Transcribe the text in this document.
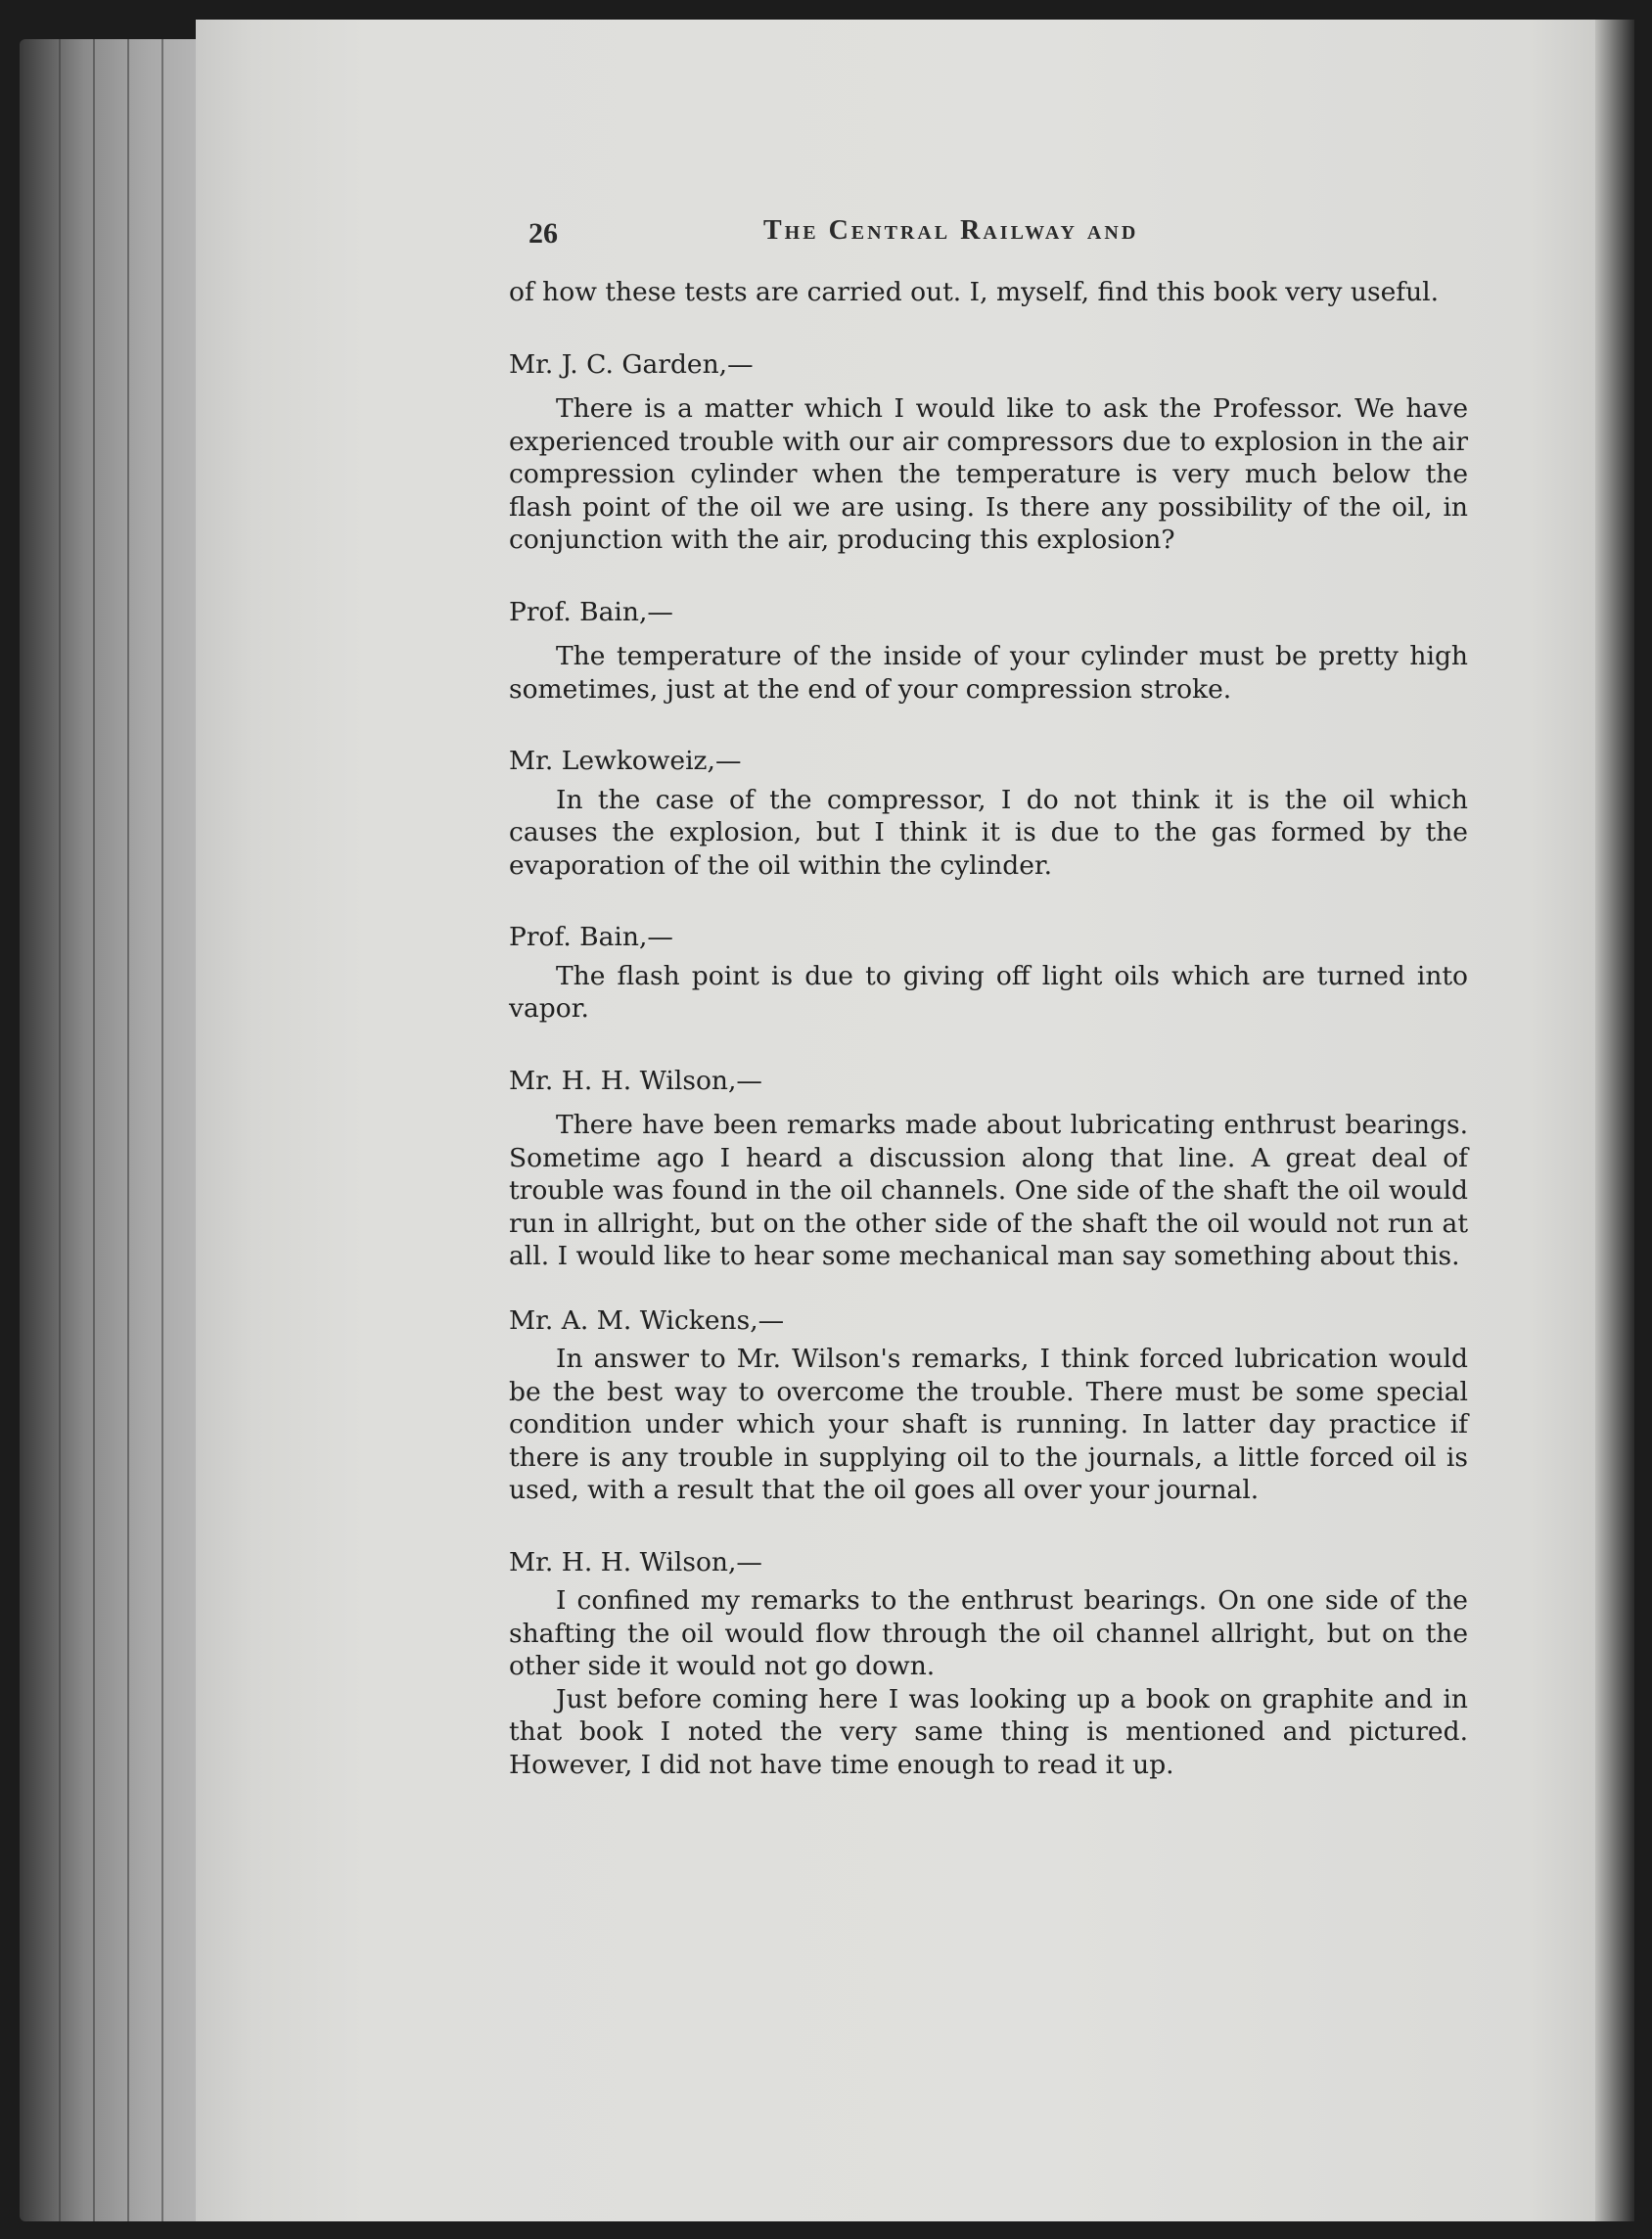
26	The Central Railway and

of how these tests are carried out. I, myself, find this book very useful.

Mr. J. C. Garden,—

There is a matter which I would like to ask the Professor. We have experienced trouble with our air compressors due to explosion in the air compression cylinder when the temperature is very much below the flash point of the oil we are using. Is there any possibility of the oil, in conjunction with the air, producing this explosion?

Prof. Bain,—

The temperature of the inside of your cylinder must be pretty high sometimes, just at the end of your compression stroke.

Mr. Lewkoweiz,—

In the case of the compressor, I do not think it is the oil which causes the explosion, but I think it is due to the gas formed by the evaporation of the oil within the cylinder.

Prof. Bain,—

The flash point is due to giving off light oils which are turned into vapor.

Mr. H. H. Wilson,—

There have been remarks made about lubricating enthrust bearings. Sometime ago I heard a discussion along that line. A great deal of trouble was found in the oil channels. One side of the shaft the oil would run in allright, but on the other side of the shaft the oil would not run at all. I would like to hear some mechanical man say something about this.

Mr. A. M. Wickens,—

In answer to Mr. Wilson's remarks, I think forced lubrication would be the best way to overcome the trouble. There must be some special condition under which your shaft is running. In latter day practice if there is any trouble in supplying oil to the journals, a little forced oil is used, with a result that the oil goes all over your journal.

Mr. H. H. Wilson,—

I confined my remarks to the enthrust bearings. On one side of the shafting the oil would flow through the oil channel allright, but on the other side it would not go down.

Just before coming here I was looking up a book on graphite and in that book I noted the very same thing is mentioned and pictured. However, I did not have time enough to read it up.
